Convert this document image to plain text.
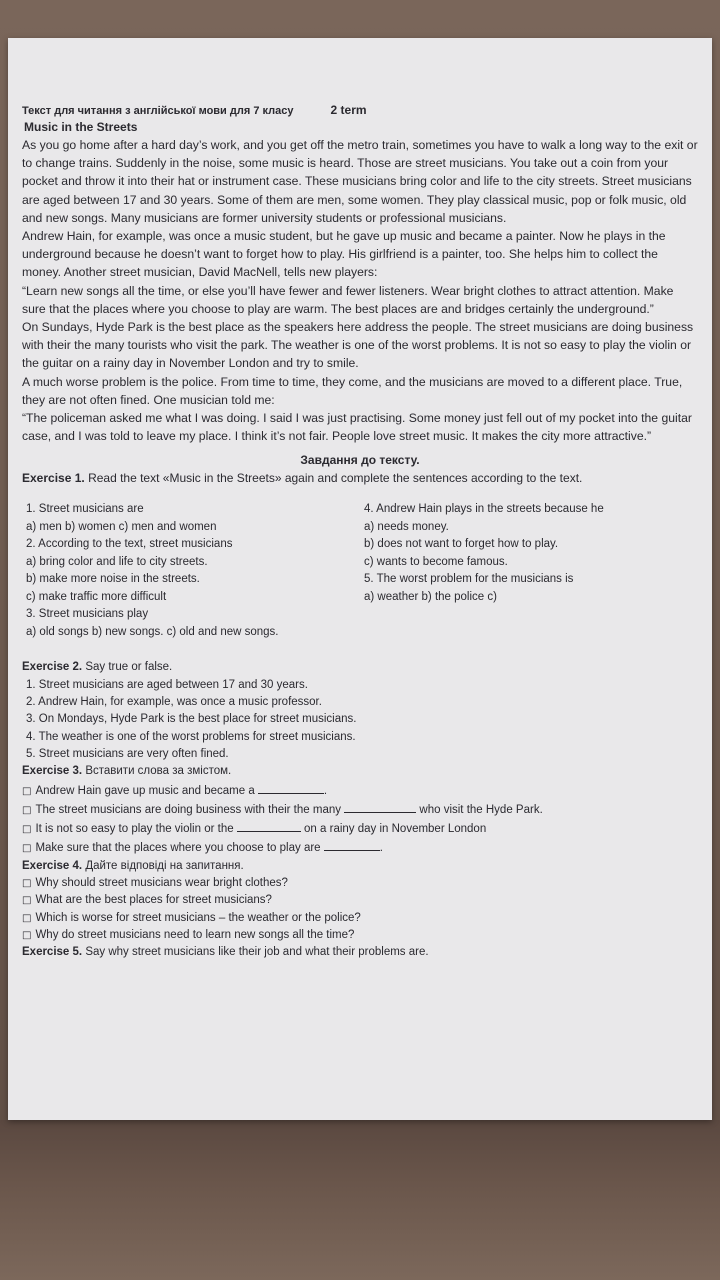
Текст для читання з англійської мови для 7 класу	2 term
Music in the Streets

As you go home after a hard day’s work, and you get off the metro train, sometimes you have to walk a long way to the exit or to change trains. Suddenly in the noise, some music is heard. Those are street musicians. You take out a coin from your pocket and throw it into their hat or instrument case. These musicians bring color and life to the city streets. Street musicians are aged between 17 and 30 years. Some of them are men, some women. They play classical music, pop or folk music, old and new songs. Many musicians are former university students or professional musicians.

Andrew Hain, for example, was once a music student, but he gave up music and became a painter. Now he plays in the underground because he doesn’t want to forget how to play. His girlfriend is a painter, too. She helps him to collect the money. Another street musician, David MacNell, tells new players:

“Learn new songs all the time, or else you’ll have fewer and fewer listeners. Wear bright clothes to attract attention. Make sure that the places where you choose to play are warm. The best places are and bridges certainly the underground.”

On Sundays, Hyde Park is the best place as the speakers here address the people. The street musicians are doing business with their the many tourists who visit the park. The weather is one of the worst problems. It is not so easy to play the violin or the guitar on a rainy day in November London and try to smile.

A much worse problem is the police. From time to time, they come, and the musicians are moved to a different place. True, they are not often fined. One musician told me:

“The policeman asked me what I was doing. I said I was just practising. Some money just fell out of my pocket into the guitar case, and I was told to leave my place. I think it’s not fair. People love street music. It makes the city more attractive.”

Завдання до тексту.
Exercise 1. Read the text «Music in the Streets» again and complete the sentences according to the text.
1. Street musicians are
a) men b) women c) men and women
2. According to the text, street musicians
a) bring color and life to city streets.
b) make more noise in the streets.
c) make traffic more difficult
3. Street musicians play
a) old songs b) new songs. c) old and new songs.
4. Andrew Hain plays in the streets because he
a) needs money.
b) does not want to forget how to play.
c) wants to become famous.
5. The worst problem for the musicians is
a) weather b) the police c)
Exercise 2. Say true or false.
1. Street musicians are aged between 17 and 30 years.
2. Andrew Hain, for example, was once a music professor.
3. On Mondays, Hyde Park is the best place for street musicians.
4. The weather is one of the worst problems for street musicians.
5. Street musicians are very often fined.
Exercise 3. Вставити слова за змістом.
□ Andrew Hain gave up music and became a	.
□ The street musicians are doing business with their the many	who visit the Hyde Park.
□ It is not so easy to play the violin or the	on a rainy day in November London
□ Make sure that the places where you choose to play are	.
Exercise 4. Дайте відповіді на запитання.
□ Why should street musicians wear bright clothes?
□ What are the best places for street musicians?
□ Which is worse for street musicians – the weather or the police?
□ Why do street musicians need to learn new songs all the time?
Exercise 5. Say why street musicians like their job and what their problems are.
